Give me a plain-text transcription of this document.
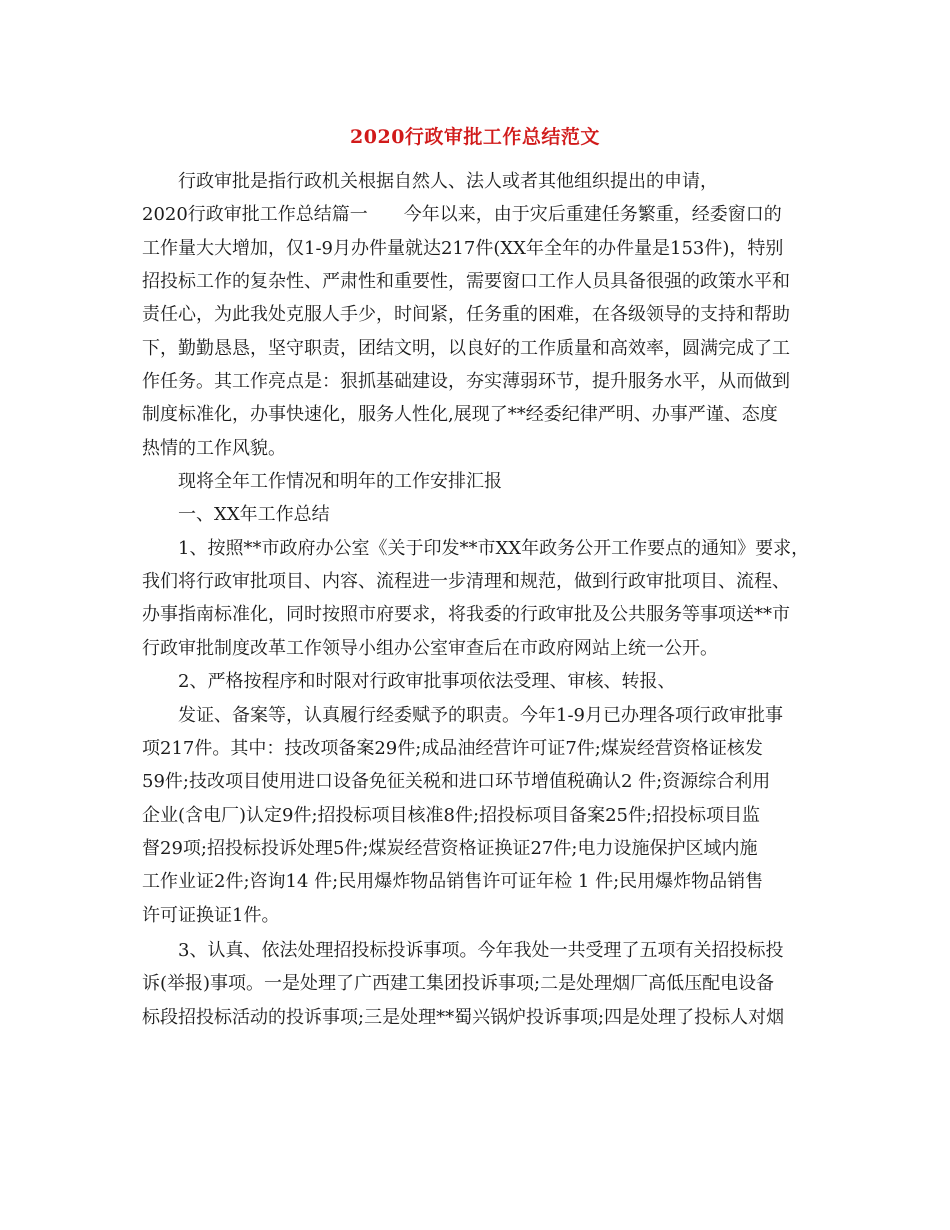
2020行政审批工作总结范文
行政审批是指行政机关根据自然人、法人或者其他组织提出的申请，
2020行政审批工作总结篇一　　今年以来，由于灾后重建任务繁重，经委窗口的
工作量大大增加，仅1-9月办件量就达217件(XX年全年的办件量是153件)，特别
招投标工作的复杂性、严肃性和重要性，需要窗口工作人员具备很强的政策水平和
责任心，为此我处克服人手少，时间紧，任务重的困难，在各级领导的支持和帮助
下，勤勤恳恳，坚守职责，团结文明，以良好的工作质量和高效率，圆满完成了工
作任务。其工作亮点是：狠抓基础建设，夯实薄弱环节，提升服务水平，从而做到
制度标准化，办事快速化，服务人性化,展现了**经委纪律严明、办事严谨、态度
热情的工作风貌。
现将全年工作情况和明年的工作安排汇报
一、XX年工作总结
1、按照**市政府办公室《关于印发**市XX年政务公开工作要点的通知》要求，
我们将行政审批项目、内容、流程进一步清理和规范，做到行政审批项目、流程、
办事指南标准化，同时按照市府要求，将我委的行政审批及公共服务等事项送**市
行政审批制度改革工作领导小组办公室审查后在市政府网站上统一公开。
2、严格按程序和时限对行政审批事项依法受理、审核、转报、
发证、备案等，认真履行经委赋予的职责。今年1-9月已办理各项行政审批事
项217件。其中：技改项备案29件;成品油经营许可证7件;煤炭经营资格证核发
59件;技改项目使用进口设备免征关税和进口环节增值税确认2 件;资源综合利用
企业(含电厂)认定9件;招投标项目核准8件;招投标项目备案25件;招投标项目监
督29项;招投标投诉处理5件;煤炭经营资格证换证27件;电力设施保护区域内施
工作业证2件;咨询14 件;民用爆炸物品销售许可证年检 1 件;民用爆炸物品销售
许可证换证1件。
3、认真、依法处理招投标投诉事项。今年我处一共受理了五项有关招投标投
诉(举报)事项。一是处理了广西建工集团投诉事项;二是处理烟厂高低压配电设备
标段招投标活动的投诉事项;三是处理**蜀兴锅炉投诉事项;四是处理了投标人对烟
